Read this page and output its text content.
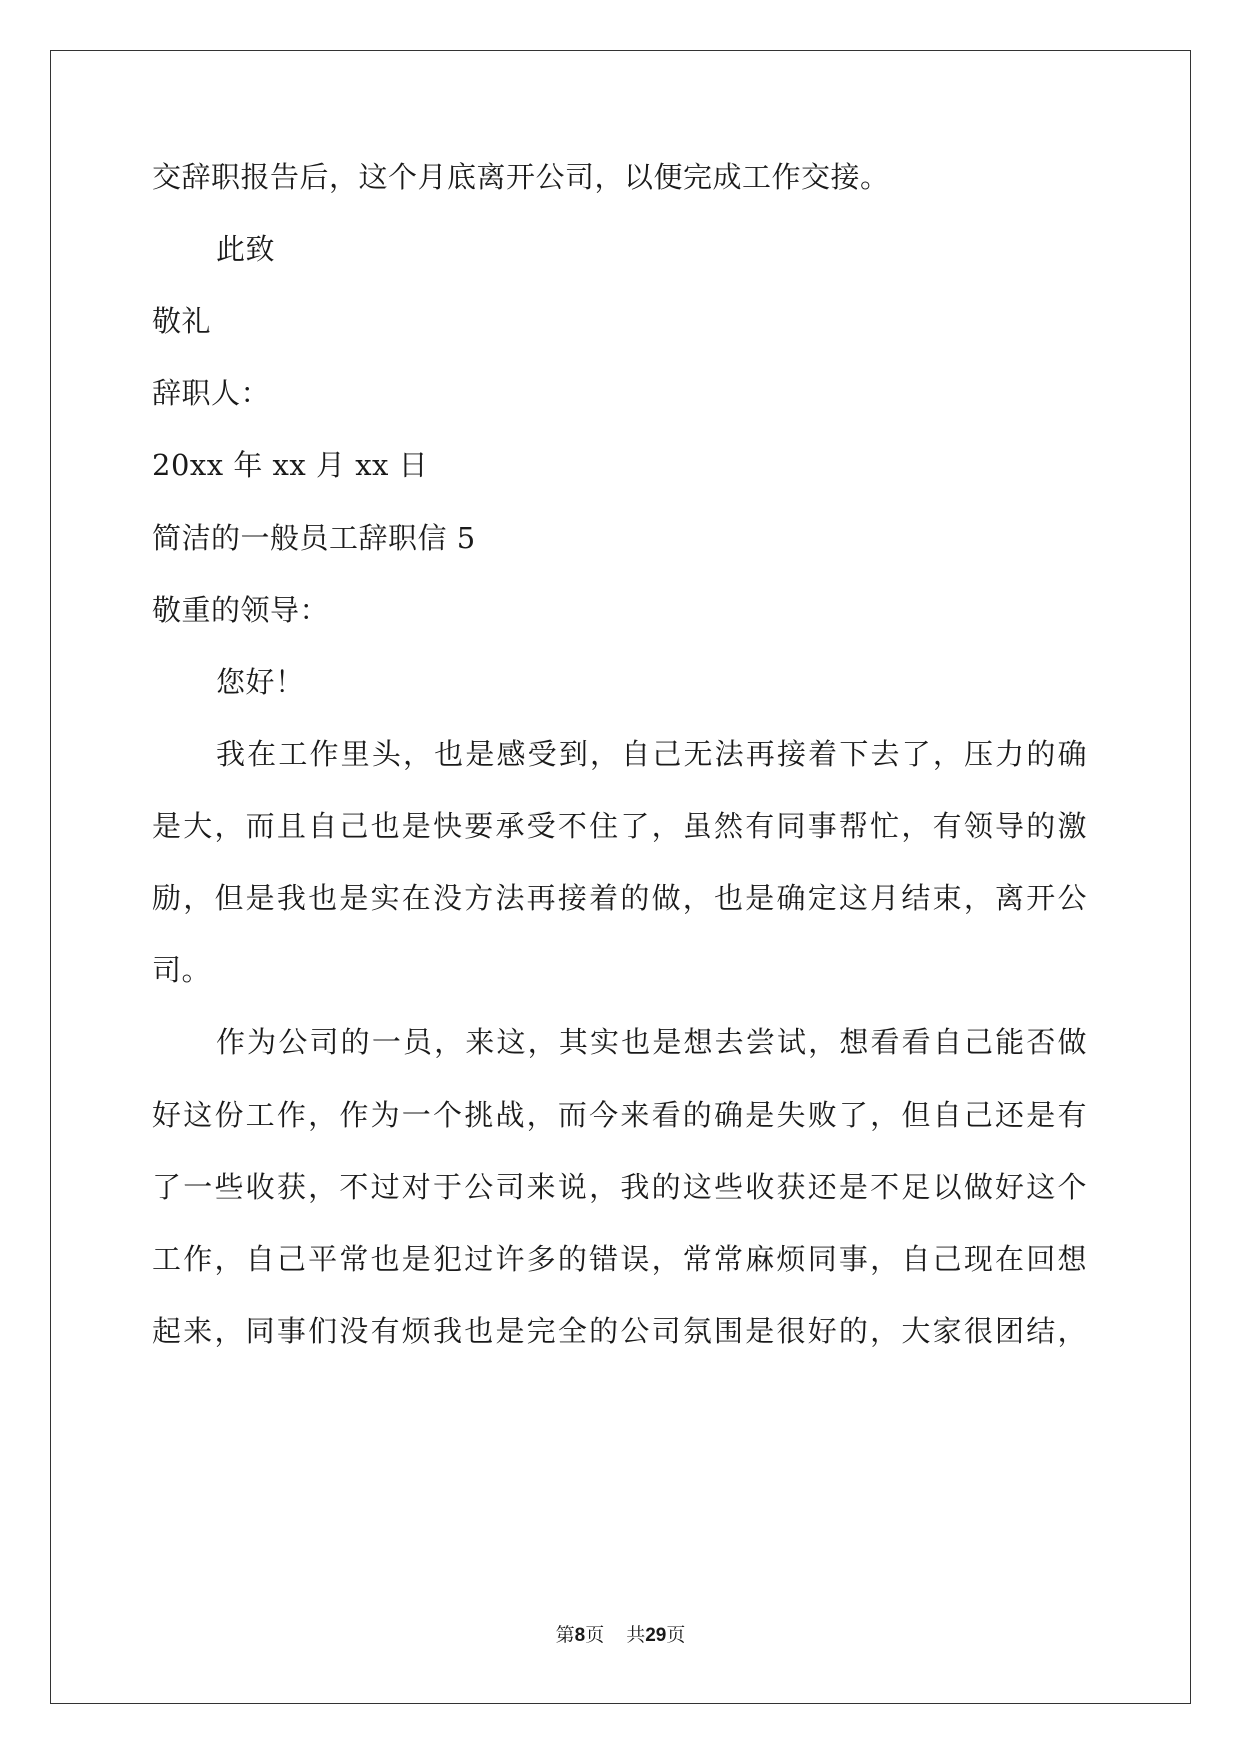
交辞职报告后，这个月底离开公司，以便完成工作交接。
此致
敬礼
辞职人：
20xx 年 xx 月 xx 日
简洁的一般员工辞职信 5
敬重的领导：
您好！
我在工作里头，也是感受到，自己无法再接着下去了，压力的确
是大，而且自己也是快要承受不住了，虽然有同事帮忙，有领导的激
励，但是我也是实在没方法再接着的做，也是确定这月结束，离开公
司。
作为公司的一员，来这，其实也是想去尝试，想看看自己能否做
好这份工作，作为一个挑战，而今来看的确是失败了，但自己还是有
了一些收获，不过对于公司来说，我的这些收获还是不足以做好这个
工作，自己平常也是犯过许多的错误，常常麻烦同事，自己现在回想
起来，同事们没有烦我也是完全的公司氛围是很好的，大家很团结，
第8页 共29页
